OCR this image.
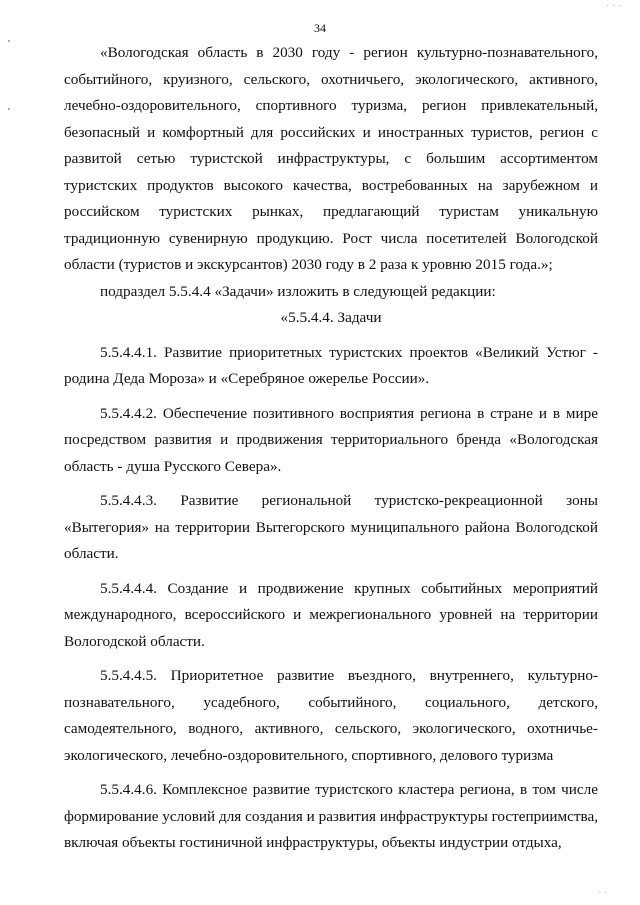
· · ·
34

«Вологодская область в 2030 году - регион культурно-познавательного, событийного, круизного, сельского, охотничьего, экологического, активного, лечебно-оздоровительного, спортивного туризма, регион привлекательный, безопасный и комфортный для российских и иностранных туристов, регион с развитой сетью туристской инфраструктуры, с большим ассортиментом туристских продуктов высокого качества, востребованных на зарубежном и российском туристских рынках, предлагающий туристам уникальную традиционную сувенирную продукцию. Рост числа посетителей Вологодской области (туристов и экскурсантов) 2030 году в 2 раза к уровню 2015 года.»;

подраздел 5.5.4.4 «Задачи» изложить в следующей редакции:

«5.5.4.4. Задачи

5.5.4.4.1. Развитие приоритетных туристских проектов «Великий Устюг - родина Деда Мороза» и «Серебряное ожерелье России».

5.5.4.4.2. Обеспечение позитивного восприятия региона в стране и в мире посредством развития и продвижения территориального бренда «Вологодская область - душа Русского Севера».

5.5.4.4.3. Развитие региональной туристско-рекреационной зоны «Вытегория» на территории Вытегорского муниципального района Вологодской области.

5.5.4.4.4. Создание и продвижение крупных событийных мероприятий международного, всероссийского и межрегионального уровней на территории Вологодской области.

5.5.4.4.5. Приоритетное развитие въездного, внутреннего, культурно-познавательного, усадебного, событийного, социального, детского, самодеятельного, водного, активного, сельского, экологического, охотничье-экологического, лечебно-оздоровительного, спортивного, делового туризма

5.5.4.4.6. Комплексное развитие туристского кластера региона, в том числе формирование условий для создания и развития инфраструктуры гостеприимства, включая объекты гостиничной инфраструктуры, объекты индустрии отдыха,

· ·
